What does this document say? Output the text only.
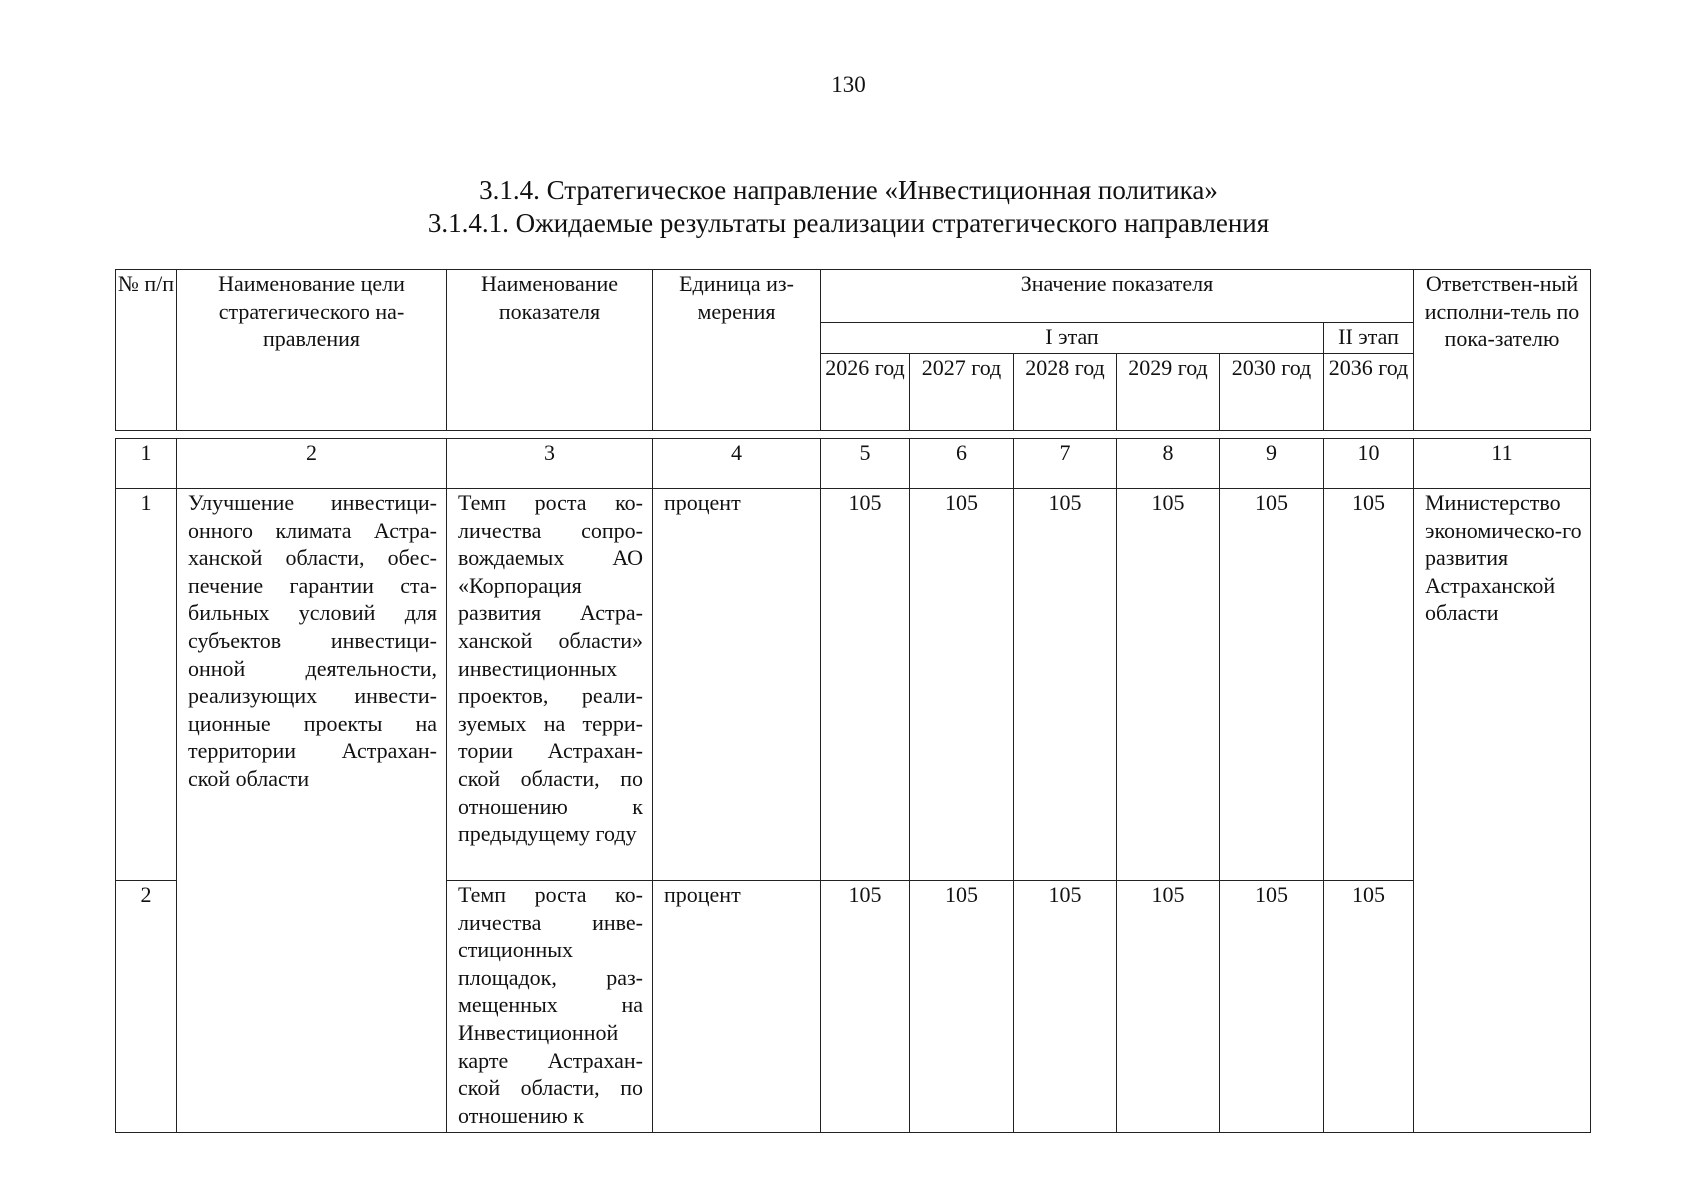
130
3.1.4. Стратегическое направление «Инвестиционная политика»
3.1.4.1. Ожидаемые результаты реализации стратегического направления
№ п/п	Наименование цели стратегического на-правления	Наименование показателя	Единица из-мерения	Значение показателя						Ответствен-ный исполни-тель по пока-зателю
				I этап					II этап	
				2026 год	2027 год	2028 год	2029 год	2030 год	2036 год	
1	2	3	4	5	6	7	8	9	10	11
1	Улучшение инвестици-онного климата Астра-ханской области, обес-печение гарантии ста-бильных условий для субъектов инвестици-онной деятельности, реализующих инвести-ционные проекты на территории Астрахан-ской области	Темп роста ко-личества сопро-вождаемых АО «Корпорация развития Астра-ханской области» инвестиционных проектов, реали-зуемых на терри-тории Астрахан-ской области, по отношению к предыдущему году	процент	105	105	105	105	105	105	Министерство экономическо-го развития Астраханской области
2		Темп роста ко-личества инве-стиционных площадок, раз-мещенных на Инвестиционной карте Астрахан-ской области, по отношению к	процент	105	105	105	105	105	105	
